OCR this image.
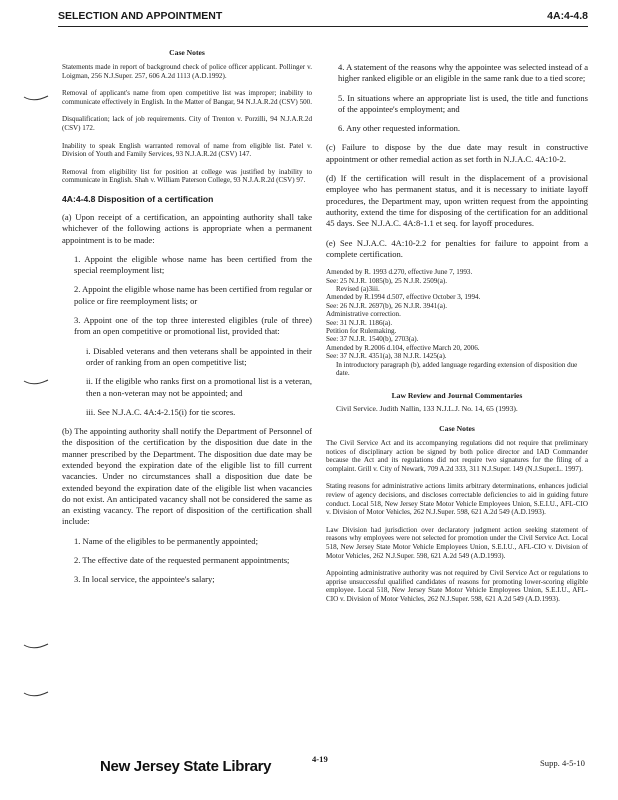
SELECTION AND APPOINTMENT	4A:4-4.8

Case Notes

Statements made in report of background check of police officer applicant. Pollinger v. Loigman, 256 N.J.Super. 257, 606 A.2d 1113 (A.D.1992).

Removal of applicant's name from open competitive list was improper; inability to communicate effectively in English. In the Matter of Bangar, 94 N.J.A.R.2d (CSV) 500.

Disqualification; lack of job requirements. City of Trenton v. Porzilli, 94 N.J.A.R.2d (CSV) 172.

Inability to speak English warranted removal of name from eligible list. Patel v. Division of Youth and Family Services, 93 N.J.A.R.2d (CSV) 147.

Removal from eligibility list for position at college was justified by inability to communicate in English. Shah v. William Paterson College, 93 N.J.A.R.2d (CSV) 97.

4A:4-4.8 Disposition of a certification

(a) Upon receipt of a certification, an appointing authority shall take whichever of the following actions is appropriate when a permanent appointment is to be made:

1. Appoint the eligible whose name has been certified from the special reemployment list;

2. Appoint the eligible whose name has been certified from regular or police or fire reemployment lists; or

3. Appoint one of the top three interested eligibles (rule of three) from an open competitive or promotional list, provided that:

i. Disabled veterans and then veterans shall be appointed in their order of ranking from an open competitive list;

ii. If the eligible who ranks first on a promotional list is a veteran, then a non-veteran may not be appointed; and

iii. See N.J.A.C. 4A:4-2.15(i) for tie scores.

(b) The appointing authority shall notify the Department of Personnel of the disposition of the certification by the disposition due date in the manner prescribed by the Department. The disposition due date may be extended beyond the expiration date of the eligible list to fill current vacancies. Under no circumstances shall a disposition due date be extended beyond the expiration date of the eligible list when vacancies do not exist. An anticipated vacancy shall not be considered the same as an existing vacancy. The report of disposition of the certification shall include:

1. Name of the eligibles to be permanently appointed;

2. The effective date of the requested permanent appointments;

3. In local service, the appointee's salary;

4. A statement of the reasons why the appointee was selected instead of a higher ranked eligible or an eligible in the same rank due to a tied score;

5. In situations where an appropriate list is used, the title and functions of the appointee's employment; and

6. Any other requested information.

(c) Failure to dispose by the due date may result in constructive appointment or other remedial action as set forth in N.J.A.C. 4A:10-2.

(d) If the certification will result in the displacement of a provisional employee who has permanent status, and it is necessary to initiate layoff procedures, the Department may, upon written request from the appointing authority, extend the time for disposing of the certification for an additional 45 days. See N.J.A.C. 4A:8-1.1 et seq. for layoff procedures.

(e) See N.J.A.C. 4A:10-2.2 for penalties for failure to appoint from a complete certification.

Amended by R. 1993 d.270, effective June 7, 1993.

See: 25 N.J.R. 1085(b), 25 N.J.R. 2509(a).

Revised (a)3iii.

Amended by R.1994 d.507, effective October 3, 1994.

See: 26 N.J.R. 2697(b), 26 N.J.R. 3941(a).

Administrative correction.

See: 31 N.J.R. 1186(a).

Petition for Rulemaking.

See: 37 N.J.R. 1540(b), 2703(a).

Amended by R.2006 d.104, effective March 20, 2006.

See: 37 N.J.R. 4351(a), 38 N.J.R. 1425(a).

In introductory paragraph (b), added language regarding extension of disposition due date.

Law Review and Journal Commentaries

Civil Service. Judith Nallin, 133 N.J.L.J. No. 14, 65 (1993).

Case Notes

The Civil Service Act and its accompanying regulations did not require that preliminary notices of disciplinary action be signed by both police director and IAD Commander because the Act and its regulations did not require two signatures for the filing of a complaint. Grill v. City of Newark, 709 A.2d 333, 311 N.J.Super. 149 (N.J.Super.L. 1997).

Stating reasons for administrative actions limits arbitrary determinations, enhances judicial review of agency decisions, and discloses correctable deficiencies to aid in guiding future conduct. Local 518, New Jersey State Motor Vehicle Employees Union, S.E.I.U., AFL-CIO v. Division of Motor Vehicles, 262 N.J.Super. 598, 621 A.2d 549 (A.D.1993).

Law Division had jurisdiction over declaratory judgment action seeking statement of reasons why employees were not selected for promotion under the Civil Service Act. Local 518, New Jersey State Motor Vehicle Employees Union, S.E.I.U., AFL-CIO v. Division of Motor Vehicles, 262 N.J.Super. 598, 621 A.2d 549 (A.D.1993).

Appointing administrative authority was not required by Civil Service Act or regulations to apprise unsuccessful qualified candidates of reasons for promoting lower-scoring eligible employee. Local 518, New Jersey State Motor Vehicle Employees Union, S.E.I.U., AFL-CIO v. Division of Motor Vehicles, 262 N.J.Super. 598, 621 A.2d 549 (A.D.1993).

New Jersey State Library	4-19	Supp. 4-5-10
